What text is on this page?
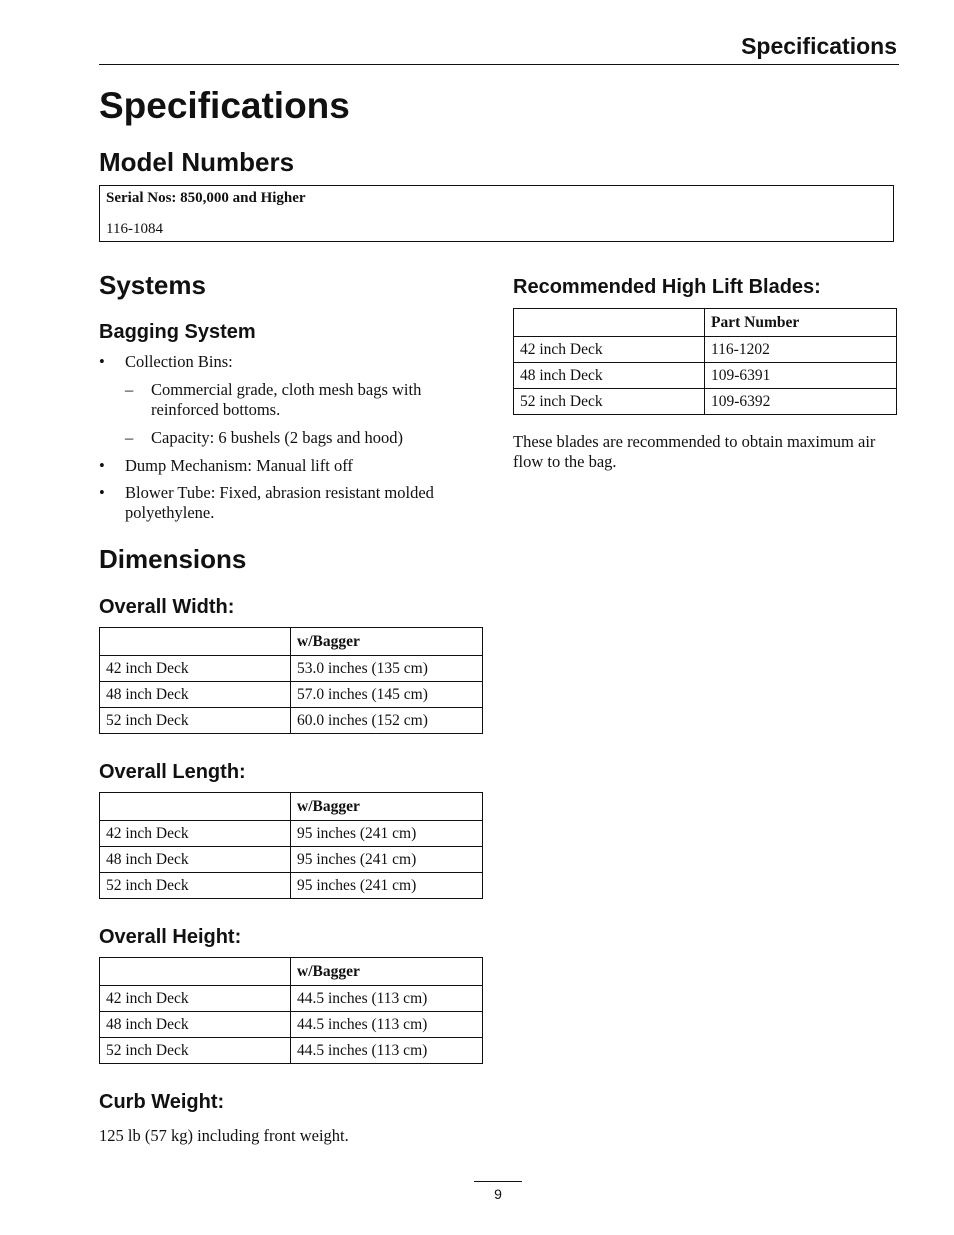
Specifications
Specifications
Model Numbers
Serial Nos: 850,000 and Higher
116-1084
Systems
Bagging System
• Collection Bins:
– Commercial grade, cloth mesh bags with reinforced bottoms.
– Capacity: 6 bushels (2 bags and hood)
• Dump Mechanism: Manual lift off
• Blower Tube: Fixed, abrasion resistant molded polyethylene.
Dimensions
Overall Width:
	w/Bagger
42 inch Deck	53.0 inches (135 cm)
48 inch Deck	57.0 inches (145 cm)
52 inch Deck	60.0 inches (152 cm)
Overall Length:
	w/Bagger
42 inch Deck	95 inches (241 cm)
48 inch Deck	95 inches (241 cm)
52 inch Deck	95 inches (241 cm)
Overall Height:
	w/Bagger
42 inch Deck	44.5 inches (113 cm)
48 inch Deck	44.5 inches (113 cm)
52 inch Deck	44.5 inches (113 cm)
Curb Weight:
125 lb (57 kg) including front weight.
Recommended High Lift Blades:
	Part Number
42 inch Deck	116-1202
48 inch Deck	109-6391
52 inch Deck	109-6392
These blades are recommended to obtain maximum air flow to the bag.
9
